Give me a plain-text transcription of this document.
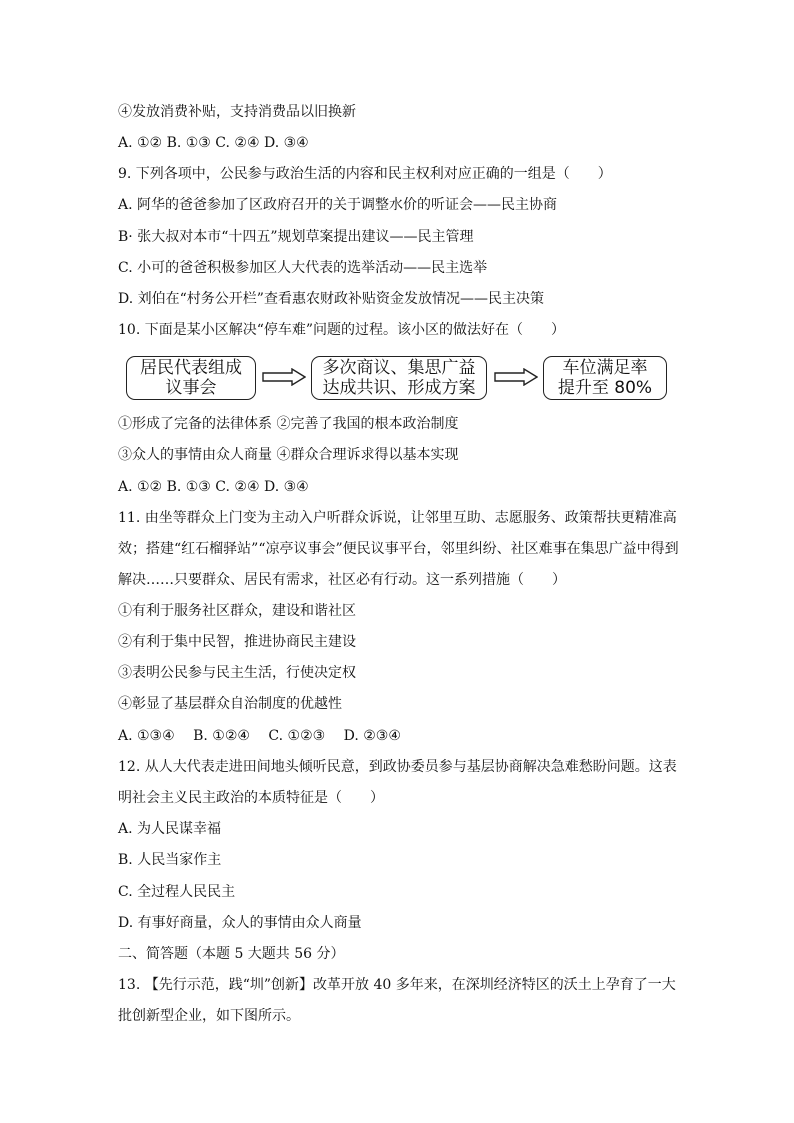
④发放消费补贴，支持消费品以旧换新
A. ①② B. ①③ C. ②④ D. ③④
9. 下列各项中，公民参与政治生活的内容和民主权利对应正确的一组是（　　）
A. 阿华的爸爸参加了区政府召开的关于调整水价的听证会——民主协商
B· 张大叔对本市“十四五”规划草案提出建议——民主管理
C. 小可的爸爸积极参加区人大代表的选举活动——民主选举
D. 刘伯在“村务公开栏”查看惠农财政补贴资金发放情况——民主决策
10. 下面是某小区解决“停车难”问题的过程。该小区的做法好在（　　）
居民代表组成
议事会
多次商议、集思广益
达成共识、形成方案
车位满足率
提升至 80%
①形成了完备的法律体系 ②完善了我国的根本政治制度
③众人的事情由众人商量 ④群众合理诉求得以基本实现
A. ①② B. ①③ C. ②④ D. ③④
11. 由坐等群众上门变为主动入户听群众诉说，让邻里互助、志愿服务、政策帮扶更精准高
效；搭建“红石榴驿站”“凉亭议事会”便民议事平台，邻里纠纷、社区难事在集思广益中得到
解决……只要群众、居民有需求，社区必有行动。这一系列措施（　　）
①有利于服务社区群众，建设和谐社区
②有利于集中民智，推进协商民主建设
③表明公民参与民主生活，行使决定权
④彰显了基层群众自治制度的优越性
A. ①③④　 B. ①②④　 C. ①②③　 D. ②③④
12. 从人大代表走进田间地头倾听民意，到政协委员参与基层协商解决急难愁盼问题。这表
明社会主义民主政治的本质特征是（　　）
A. 为人民谋幸福
B. 人民当家作主
C. 全过程人民民主
D. 有事好商量，众人的事情由众人商量
二、简答题（本题 5 大题共 56 分）
13. 【先行示范，践“圳”创新】改革开放 40 多年来，在深圳经济特区的沃土上孕育了一大
批创新型企业，如下图所示。
